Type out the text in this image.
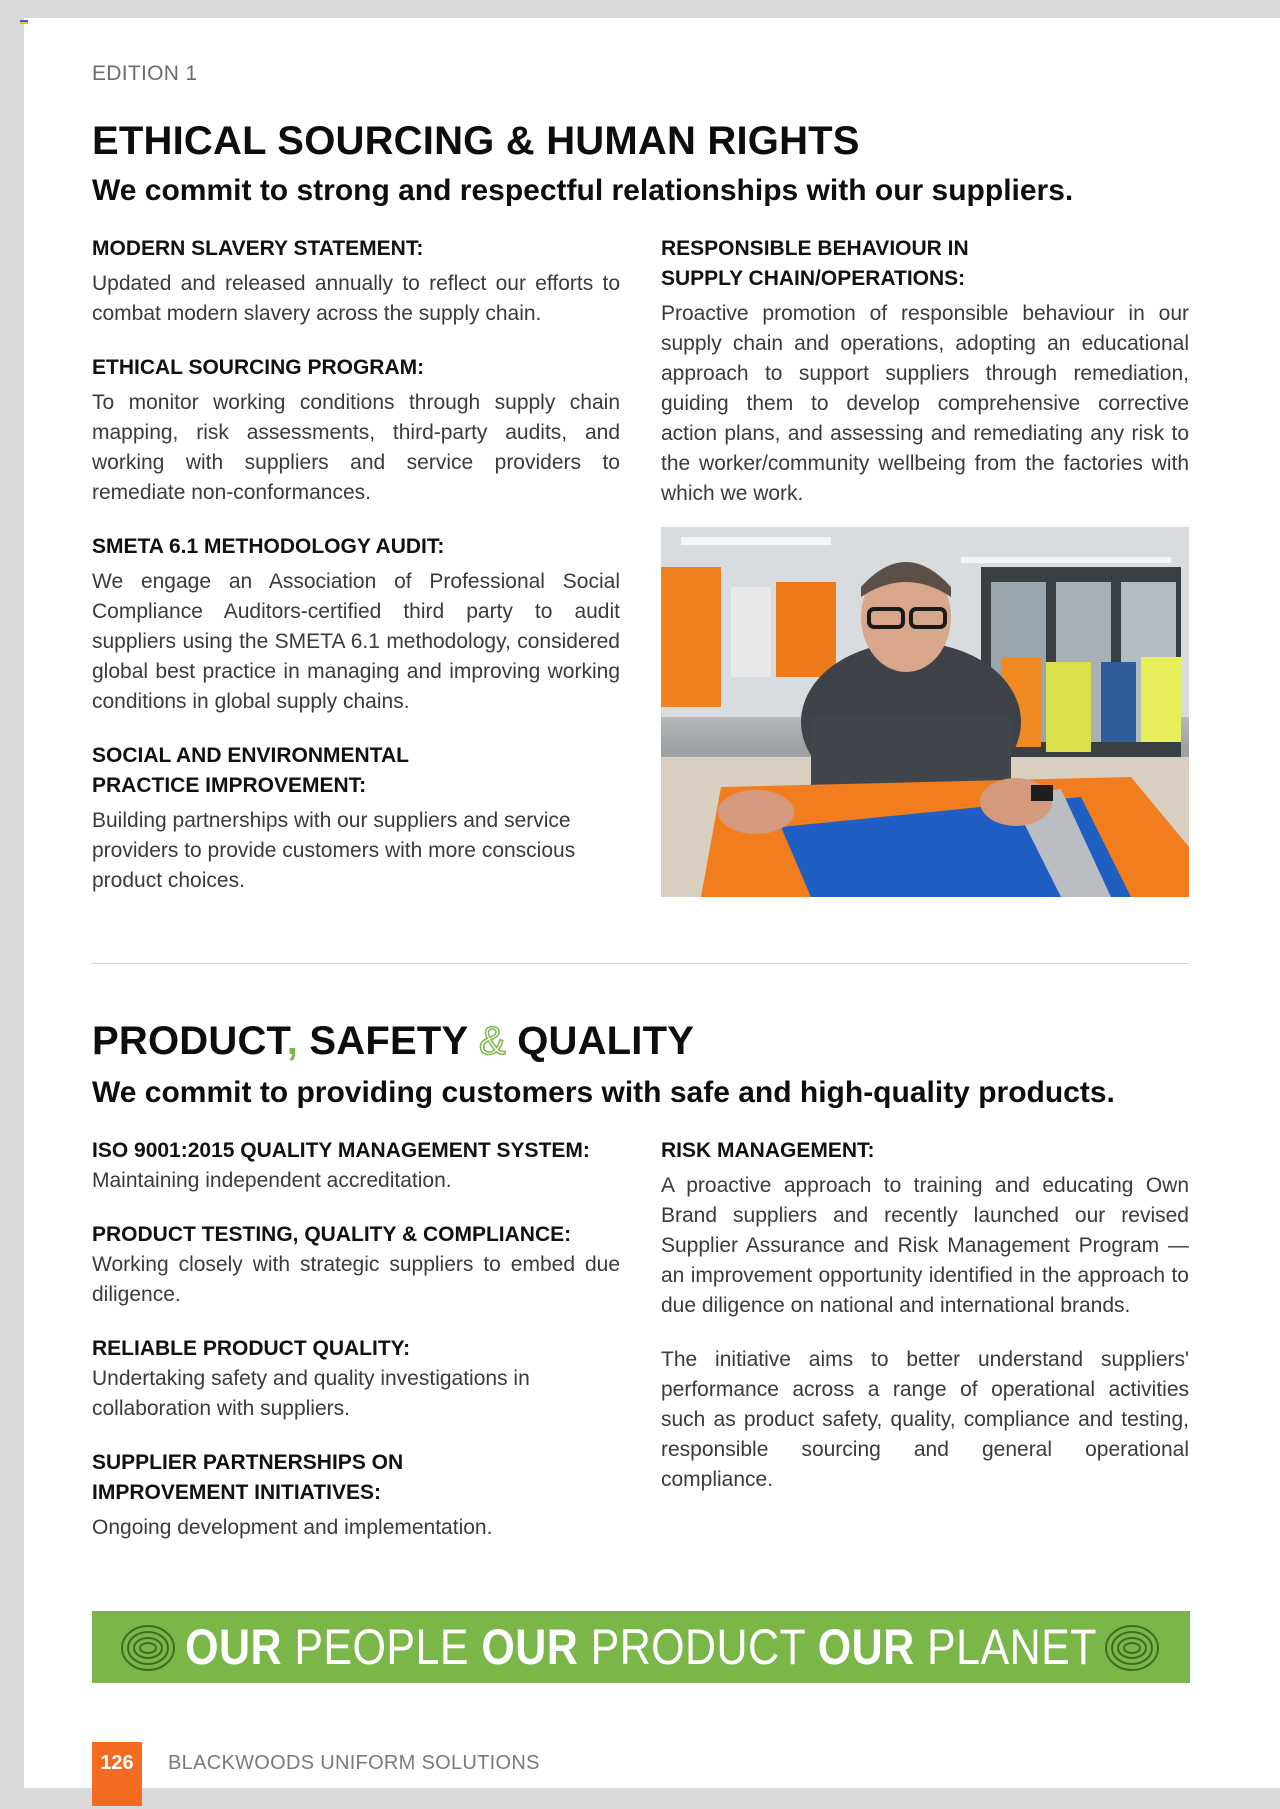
EDITION 1
ETHICAL SOURCING & HUMAN RIGHTS
We commit to strong and respectful relationships with our suppliers.
MODERN SLAVERY STATEMENT:

Updated and released annually to reflect our efforts to combat modern slavery across the supply chain.

ETHICAL SOURCING PROGRAM:

To monitor working conditions through supply chain mapping, risk assessments, third-party audits, and working with suppliers and service providers to remediate non-conformances.

SMETA 6.1 METHODOLOGY AUDIT:

We engage an Association of Professional Social Compliance Auditors-certified third party to audit suppliers using the SMETA 6.1 methodology, considered global best practice in managing and improving working conditions in global supply chains.

SOCIAL AND ENVIRONMENTAL PRACTICE IMPROVEMENT:

Building partnerships with our suppliers and service providers to provide customers with more conscious product choices.

RESPONSIBLE BEHAVIOUR IN SUPPLY CHAIN/OPERATIONS:

Proactive promotion of responsible behaviour in our supply chain and operations, adopting an educational approach to support suppliers through remediation, guiding them to develop comprehensive corrective action plans, and assessing and remediating any risk to the worker/community wellbeing from the factories with which we work.

PRODUCT, SAFETY & QUALITY
We commit to providing customers with safe and high-quality products.
ISO 9001:2015 QUALITY MANAGEMENT SYSTEM: Maintaining independent accreditation.
PRODUCT TESTING, QUALITY & COMPLIANCE:

Working closely with strategic suppliers to embed due diligence.

RELIABLE PRODUCT QUALITY:

Undertaking safety and quality investigations in collaboration with suppliers.

SUPPLIER PARTNERSHIPS ON IMPROVEMENT INITIATIVES:

Ongoing development and implementation.

RISK MANAGEMENT:

A proactive approach to training and educating Own Brand suppliers and recently launched our revised Supplier Assurance and Risk Management Program — an improvement opportunity identified in the approach to due diligence on national and international brands.

The initiative aims to better understand suppliers' performance across a range of operational activities such as product safety, quality, compliance and testing, responsible sourcing and general operational compliance.

OUR PEOPLE OUR PRODUCT OUR PLANET
126	BLACKWOODS UNIFORM SOLUTIONS
